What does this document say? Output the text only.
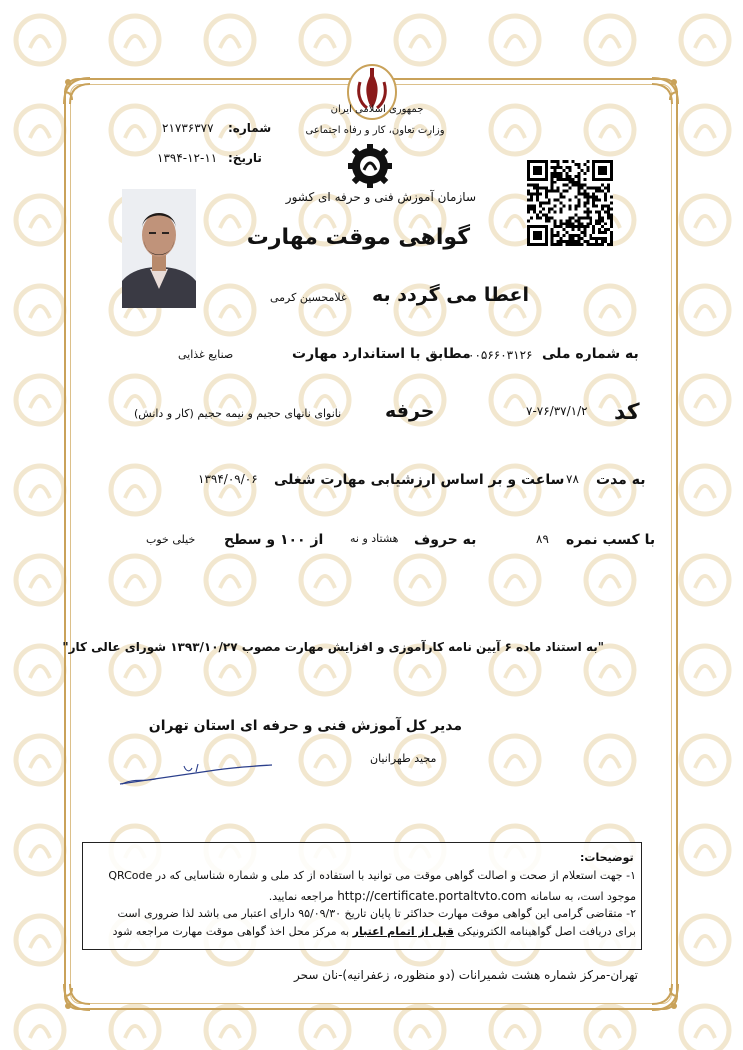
جمهوری اسلامی ایران
وزارت تعاون، کار و رفاه اجتماعی
شماره:
۲۱۷۳۶۳۷۷
تاریخ:
۱۳۹۴-۱۲-۱۱
سازمان آموزش فنی و حرفه ای کشور
گواهی موقت مهارت
اعطا می گردد به
غلامحسین کرمی
به شماره ملی
۰۰۵۶۶۰۳۱۲۶
مطابق با استاندارد مهارت
صنایع غذایی
کد
۷-۷۶/۳۷/۱/۲
حرفه
نانوای نانهای حجیم و نیمه حجیم (کار و دانش)
به مدت
۷۸
ساعت و بر اساس ارزشیابی مهارت شغلی
۱۳۹۴/۰۹/۰۶
با کسب نمره
۸۹
به حروف
هشتاد و نه
از ۱۰۰ و سطح
خیلی خوب
"به استناد ماده ۶ آیین نامه کارآموزی و افزایش مهارت مصوب ۱۳۹۳/۱۰/۲۷ شورای عالی کار"
مدیر کل آموزش فنی و حرفه ای استان تهران
مجید طهرانیان
توضیحات:
۱- جهت استعلام از صحت و اصالت گواهی موقت می توانید با استفاده از کد ملی و شماره شناسایی که در QRCode
موجود است، به سامانه http://certificate.portaltvto.com مراجعه نمایید.
۲- متقاضی گرامی این گواهی موقت مهارت حداکثر تا پایان تاریخ ۹۵/۰۹/۳۰ دارای اعتبار می باشد لذا ضروری است
برای دریافت اصل گواهینامه الکترونیکی قبل از اتمام اعتبار به مرکز محل اخذ گواهی موقت مهارت مراجعه شود
تهران-مرکز شماره هشت شمیرانات (دو منظوره، زعفرانیه)-نان سحر
